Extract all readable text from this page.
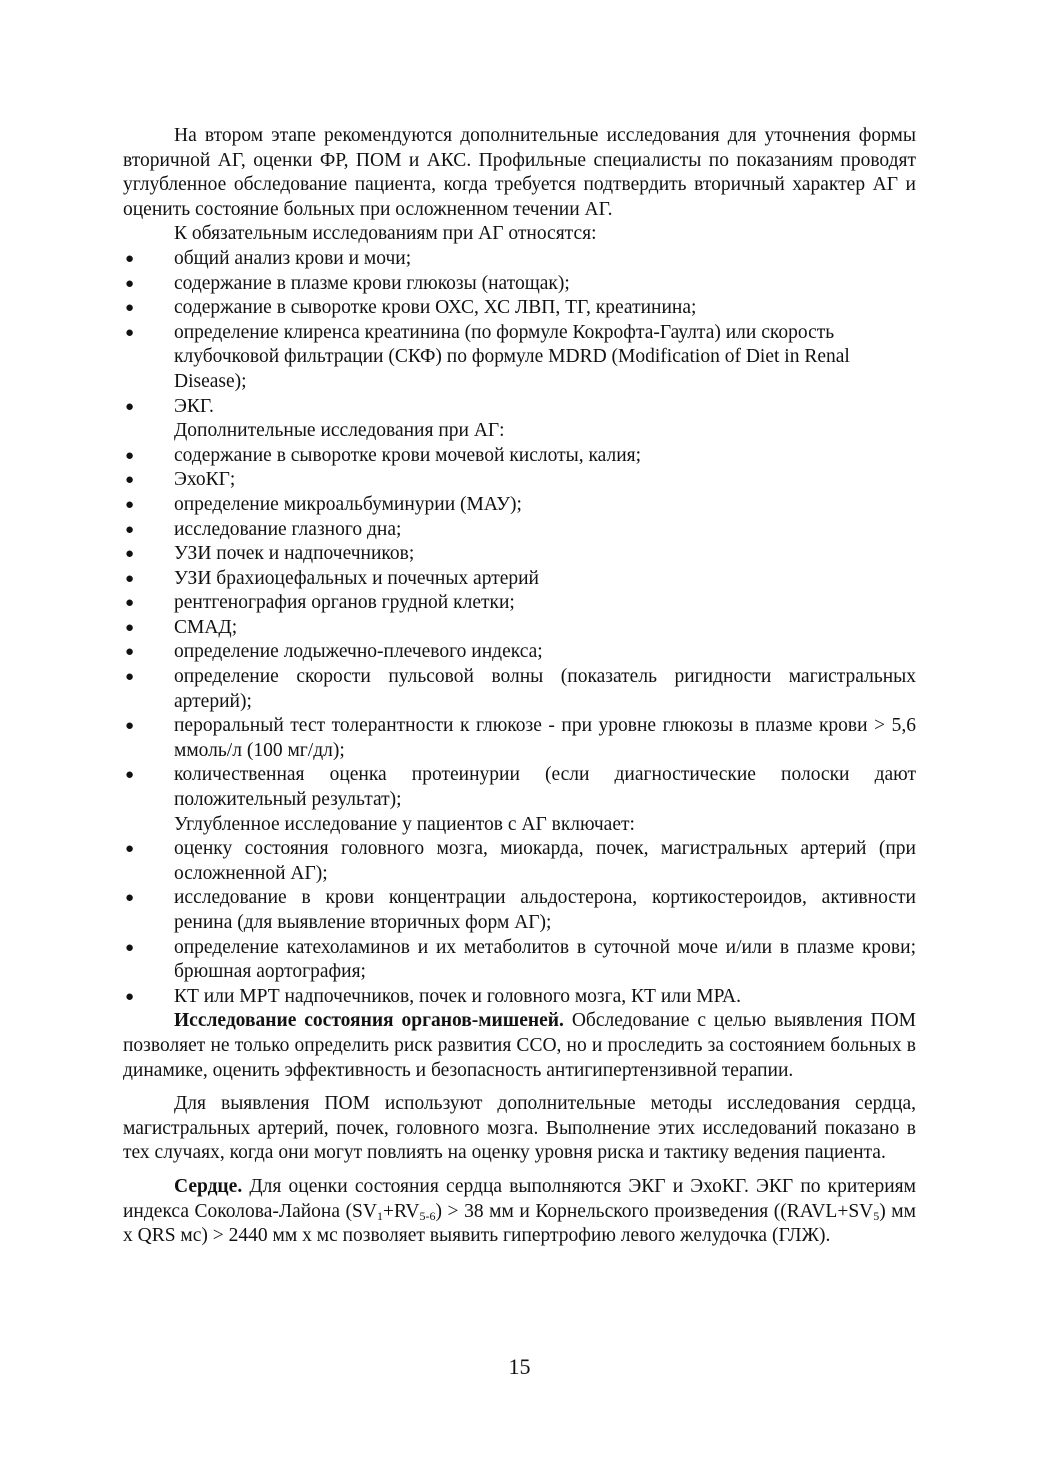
На втором этапе рекомендуются дополнительные исследования для уточнения формы вторичной АГ, оценки ФР, ПОМ и АКС. Профильные специалисты по показаниям проводят углубленное обследование пациента, когда требуется подтвердить вторичный характер АГ и оценить состояние больных при осложненном течении АГ.

К обязательным исследованиям при АГ относятся:

● общий анализ крови и мочи;
● содержание в плазме крови глюкозы (натощак);
● содержание в сыворотке крови ОХС, ХС ЛВП, ТГ, креатинина;
● определение клиренса креатинина (по формуле Кокрофта-Гаулта) или скорость клубочковой фильтрации (СКФ) по формуле MDRD (Modification of Diet in Renal Disease);
● ЭКГ.

Дополнительные исследования при АГ:

● содержание в сыворотке крови мочевой кислоты, калия;
● ЭхоКГ;
● определение микроальбуминурии (МАУ);
● исследование глазного дна;
● УЗИ почек и надпочечников;
● УЗИ брахиоцефальных и почечных артерий
● рентгенография органов грудной клетки;
● СМАД;
● определение лодыжечно-плечевого индекса;
● определение скорости пульсовой волны (показатель ригидности магистральных артерий);
● пероральный тест толерантности к глюкозе - при уровне глюкозы в плазме крови > 5,6 ммоль/л (100 мг/дл);
● количественная оценка протеинурии (если диагностические полоски дают положительный результат);

Углубленное исследование у пациентов с АГ включает:

● оценку состояния головного мозга, миокарда, почек, магистральных артерий (при осложненной АГ);
● исследование в крови концентрации альдостерона, кортикостероидов, активности ренина (для выявление вторичных форм АГ);
● определение катехоламинов и их метаболитов в суточной моче и/или в плазме крови; брюшная аортография;
● КТ или МРТ надпочечников, почек и головного мозга, КТ или МРА.

Исследование состояния органов-мишеней. Обследование с целью выявления ПОМ позволяет не только определить риск развития ССО, но и проследить за состоянием больных в динамике, оценить эффективность и безопасность антигипертензивной терапии.

Для выявления ПОМ используют дополнительные методы исследования сердца, магистральных артерий, почек, головного мозга. Выполнение этих исследований показано в тех случаях, когда они могут повлиять на оценку уровня риска и тактику ведения пациента.

Сердце. Для оценки состояния сердца выполняются ЭКГ и ЭхоКГ. ЭКГ по критериям индекса Соколова-Лайона $(SV_1+RV_{5-6}) > 38$ мм и Корнельского произведения ($(RAVL+SV_5)$ мм х QRS мс) > 2440 мм х мс позволяет выявить гипертрофию левого желудочка (ГЛЖ).

15
